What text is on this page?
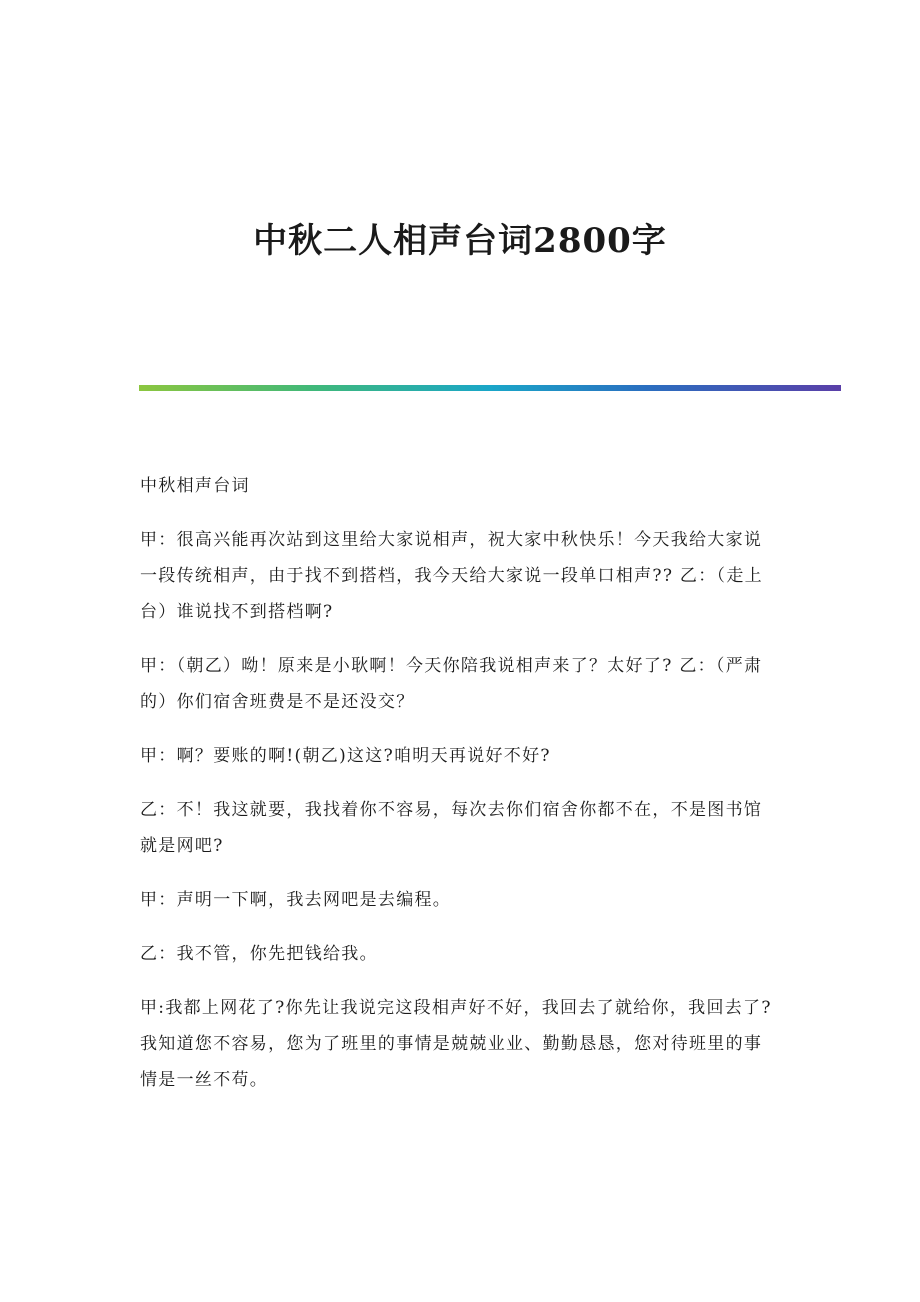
中秋二人相声台词2800字

中秋相声台词

甲：很高兴能再次站到这里给大家说相声，祝大家中秋快乐！今天我给大家说一段传统相声，由于找不到搭档，我今天给大家说一段单口相声?? 乙：（走上台）谁说找不到搭档啊?

甲：（朝乙）呦！原来是小耿啊！今天你陪我说相声来了？太好了? 乙：（严肃的）你们宿舍班费是不是还没交？

甲：啊？要账的啊!(朝乙)这这?咱明天再说好不好?

乙：不！我这就要，我找着你不容易，每次去你们宿舍你都不在，不是图书馆就是网吧?

甲：声明一下啊，我去网吧是去编程。

乙：我不管，你先把钱给我。

甲:我都上网花了?你先让我说完这段相声好不好，我回去了就给你，我回去了?我知道您不容易，您为了班里的事情是兢兢业业、勤勤恳恳，您对待班里的事情是一丝不苟。
